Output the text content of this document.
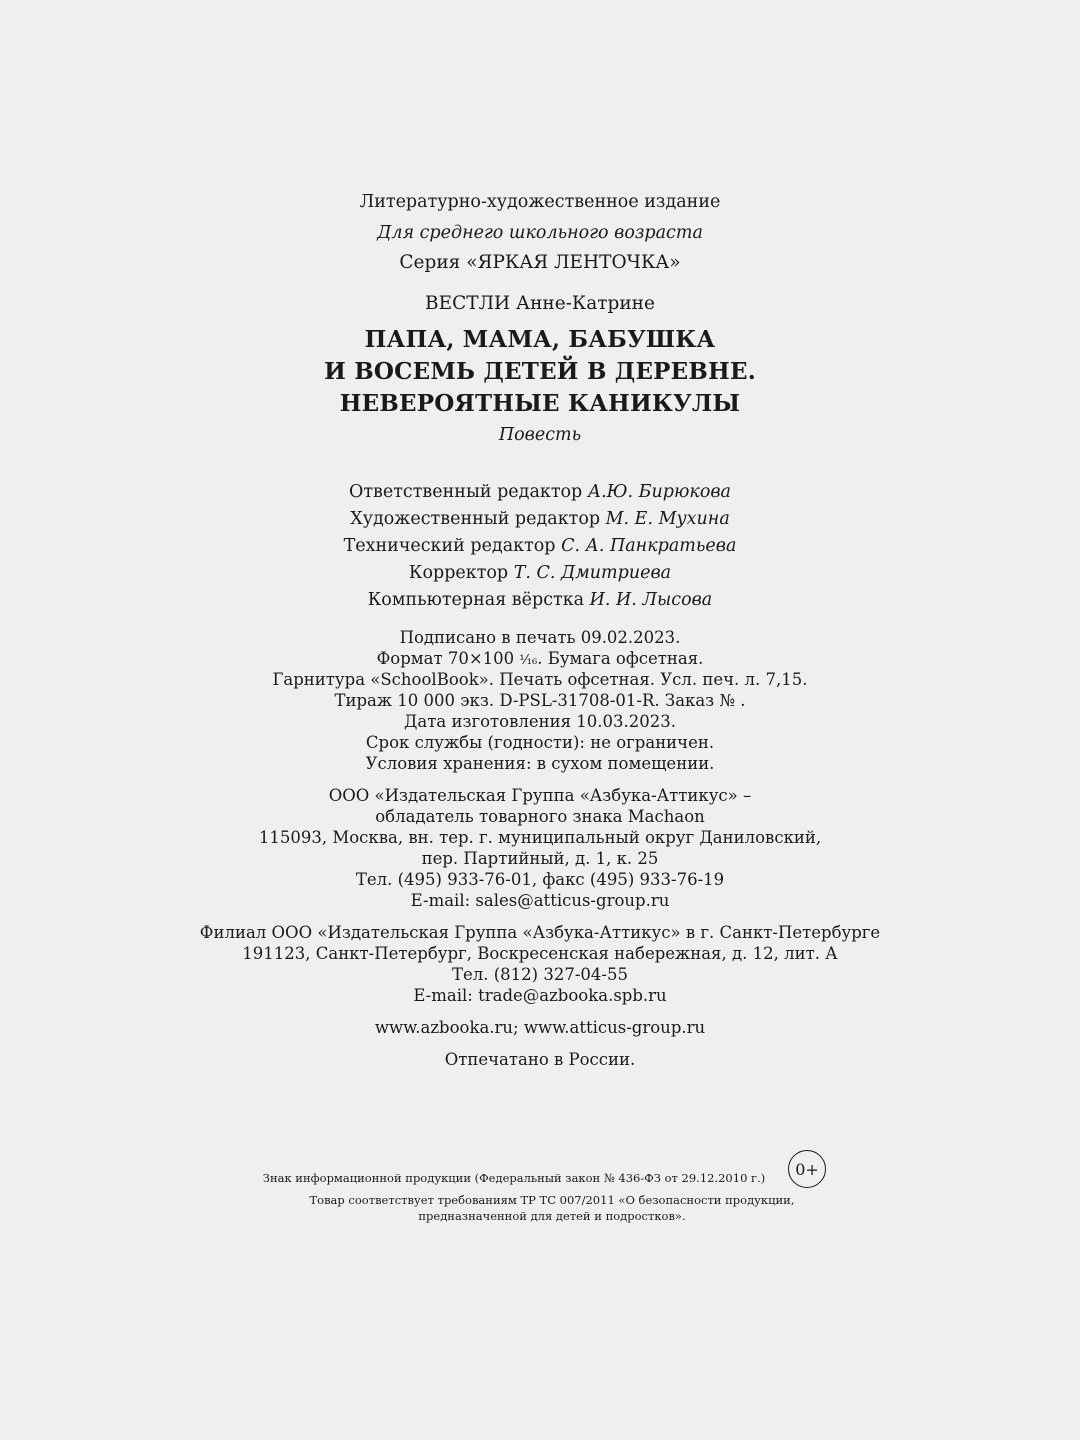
Литературно-художественное издание
Для среднего школьного возраста
Серия «ЯРКАЯ ЛЕНТОЧКА»
ВЕСТЛИ Анне-Катрине
ПАПА, МАМА, БАБУШКА
И ВОСЕМЬ ДЕТЕЙ В ДЕРЕВНЕ.
НЕВЕРОЯТНЫЕ КАНИКУЛЫ
Повесть
Ответственный редактор А.Ю. Бирюкова
Художественный редактор М. Е. Мухина
Технический редактор С. А. Панкратьева
Корректор Т. С. Дмитриева
Компьютерная вёрстка И. И. Лысова
Подписано в печать 09.02.2023.
Формат 70×100 ¹⁄₁₆. Бумага офсетная.
Гарнитура «SchoolBook». Печать офсетная. Усл. печ. л. 7,15.
Тираж 10 000 экз. D-PSL-31708-01-R. Заказ № .
Дата изготовления 10.03.2023.
Срок службы (годности): не ограничен.
Условия хранения: в сухом помещении.
ООО «Издательская Группа «Азбука-Аттикус» –
обладатель товарного знака Machaon
115093, Москва, вн. тер. г. муниципальный округ Даниловский,
пер. Партийный, д. 1, к. 25
Тел. (495) 933-76-01, факс (495) 933-76-19
E-mail: sales@atticus-group.ru
Филиал ООО «Издательская Группа «Азбука-Аттикус» в г. Санкт-Петербурге
191123, Санкт-Петербург, Воскресенская набережная, д. 12, лит. А
Тел. (812) 327-04-55
E-mail: trade@azbooka.spb.ru
www.azbooka.ru; www.atticus-group.ru
Отпечатано в России.
Знак информационной продукции (Федеральный закон № 436-ФЗ от 29.12.2010 г.)	0+
Товар соответствует требованиям ТР ТС 007/2011 «О безопасности продукции,
предназначенной для детей и подростков».
